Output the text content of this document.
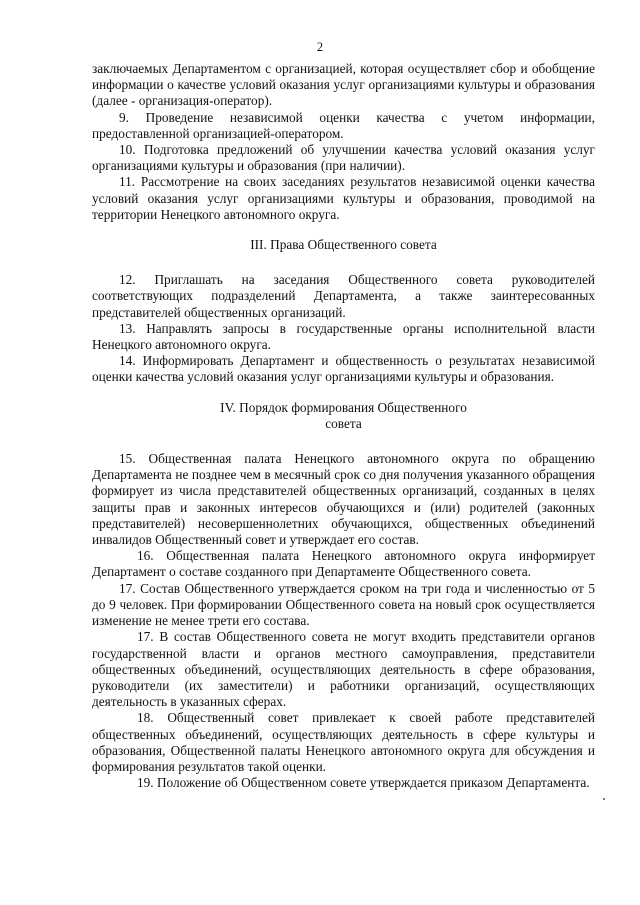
2

заключаемых Департаментом с организацией, которая осуществляет сбор и обобщение информации о качестве условий оказания услуг организациями культуры и образования (далее - организация-оператор).

9. Проведение независимой оценки качества с учетом информации, предоставленной организацией-оператором.

10. Подготовка предложений об улучшении качества условий оказания услуг организациями культуры и образования (при наличии).

11. Рассмотрение на своих заседаниях результатов независимой оценки качества условий оказания услуг организациями культуры и образования, проводимой на территории Ненецкого автономного округа.

III. Права Общественного совета

12. Приглашать на заседания Общественного совета руководителей соответствующих подразделений Департамента, а также заинтересованных представителей общественных организаций.

13. Направлять запросы в государственные органы исполнительной власти Ненецкого автономного округа.

14. Информировать Департамент и общественность о результатах независимой оценки качества условий оказания услуг организациями культуры и образования.

IV. Порядок формирования Общественного
совета

15. Общественная палата Ненецкого автономного округа по обращению Департамента не позднее чем в месячный срок со дня получения указанного обращения формирует из числа представителей общественных организаций, созданных в целях защиты прав и законных интересов обучающихся и (или) родителей (законных представителей) несовершеннолетних обучающихся, общественных объединений инвалидов Общественный совет и утверждает его состав.

16. Общественная палата Ненецкого автономного округа информирует Департамент о составе созданного при Департаменте Общественного совета.

17. Состав Общественного утверждается сроком на три года и численностью от 5 до 9 человек. При формировании Общественного совета на новый срок осуществляется изменение не менее трети его состава.

17. В состав Общественного совета не могут входить представители органов государственной власти и органов местного самоуправления, представители общественных объединений, осуществляющих деятельность в сфере образования, руководители (их заместители) и работники организаций, осуществляющих деятельность в указанных сферах.

18. Общественный совет привлекает к своей работе представителей общественных объединений, осуществляющих деятельность в сфере культуры и образования, Общественной палаты Ненецкого автономного округа для обсуждения и формирования результатов такой оценки.

19. Положение об Общественном совете утверждается приказом Департамента.
